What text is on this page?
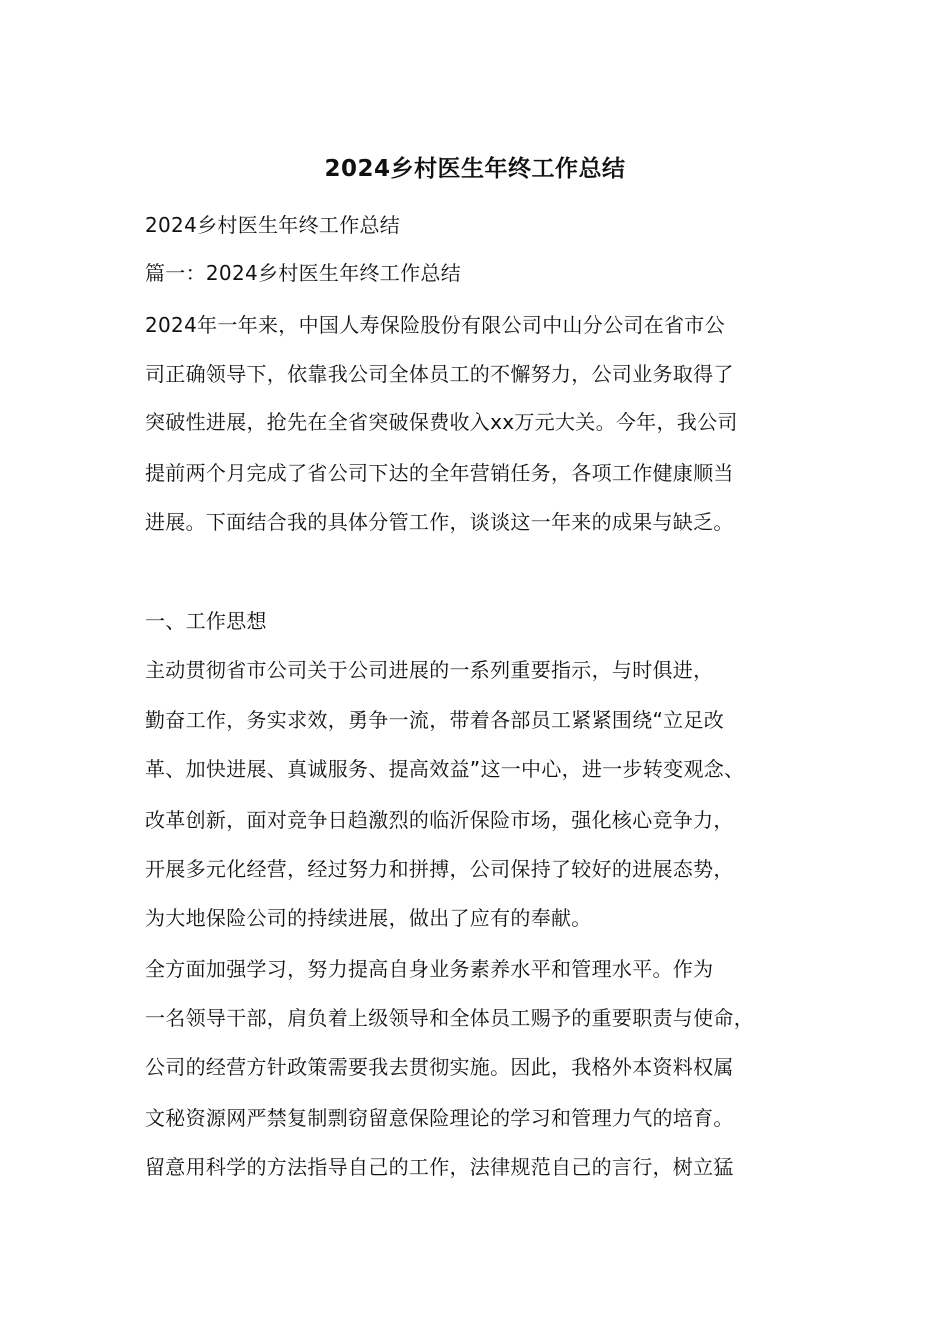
2024乡村医生年终工作总结
2024乡村医生年终工作总结
篇一：2024乡村医生年终工作总结
2024年一年来，中国人寿保险股份有限公司中山分公司在省市公
司正确领导下，依靠我公司全体员工的不懈努力，公司业务取得了
突破性进展，抢先在全省突破保费收入xx万元大关。今年，我公司
提前两个月完成了省公司下达的全年营销任务，各项工作健康顺当
进展。下面结合我的具体分管工作，谈谈这一年来的成果与缺乏。
一、工作思想
主动贯彻省市公司关于公司进展的一系列重要指示，与时俱进，
勤奋工作，务实求效，勇争一流，带着各部员工紧紧围绕“立足改
革、加快进展、真诚服务、提高效益”这一中心，进一步转变观念、
改革创新，面对竞争日趋激烈的临沂保险市场，强化核心竞争力，
开展多元化经营，经过努力和拼搏，公司保持了较好的进展态势，
为大地保险公司的持续进展，做出了应有的奉献。
全方面加强学习，努力提高自身业务素养水平和管理水平。作为
一名领导干部，肩负着上级领导和全体员工赐予的重要职责与使命，
公司的经营方针政策需要我去贯彻实施。因此，我格外本资料权属
文秘资源网严禁复制剽窃留意保险理论的学习和管理力气的培育。
留意用科学的方法指导自己的工作，法律规范自己的言行，树立猛
